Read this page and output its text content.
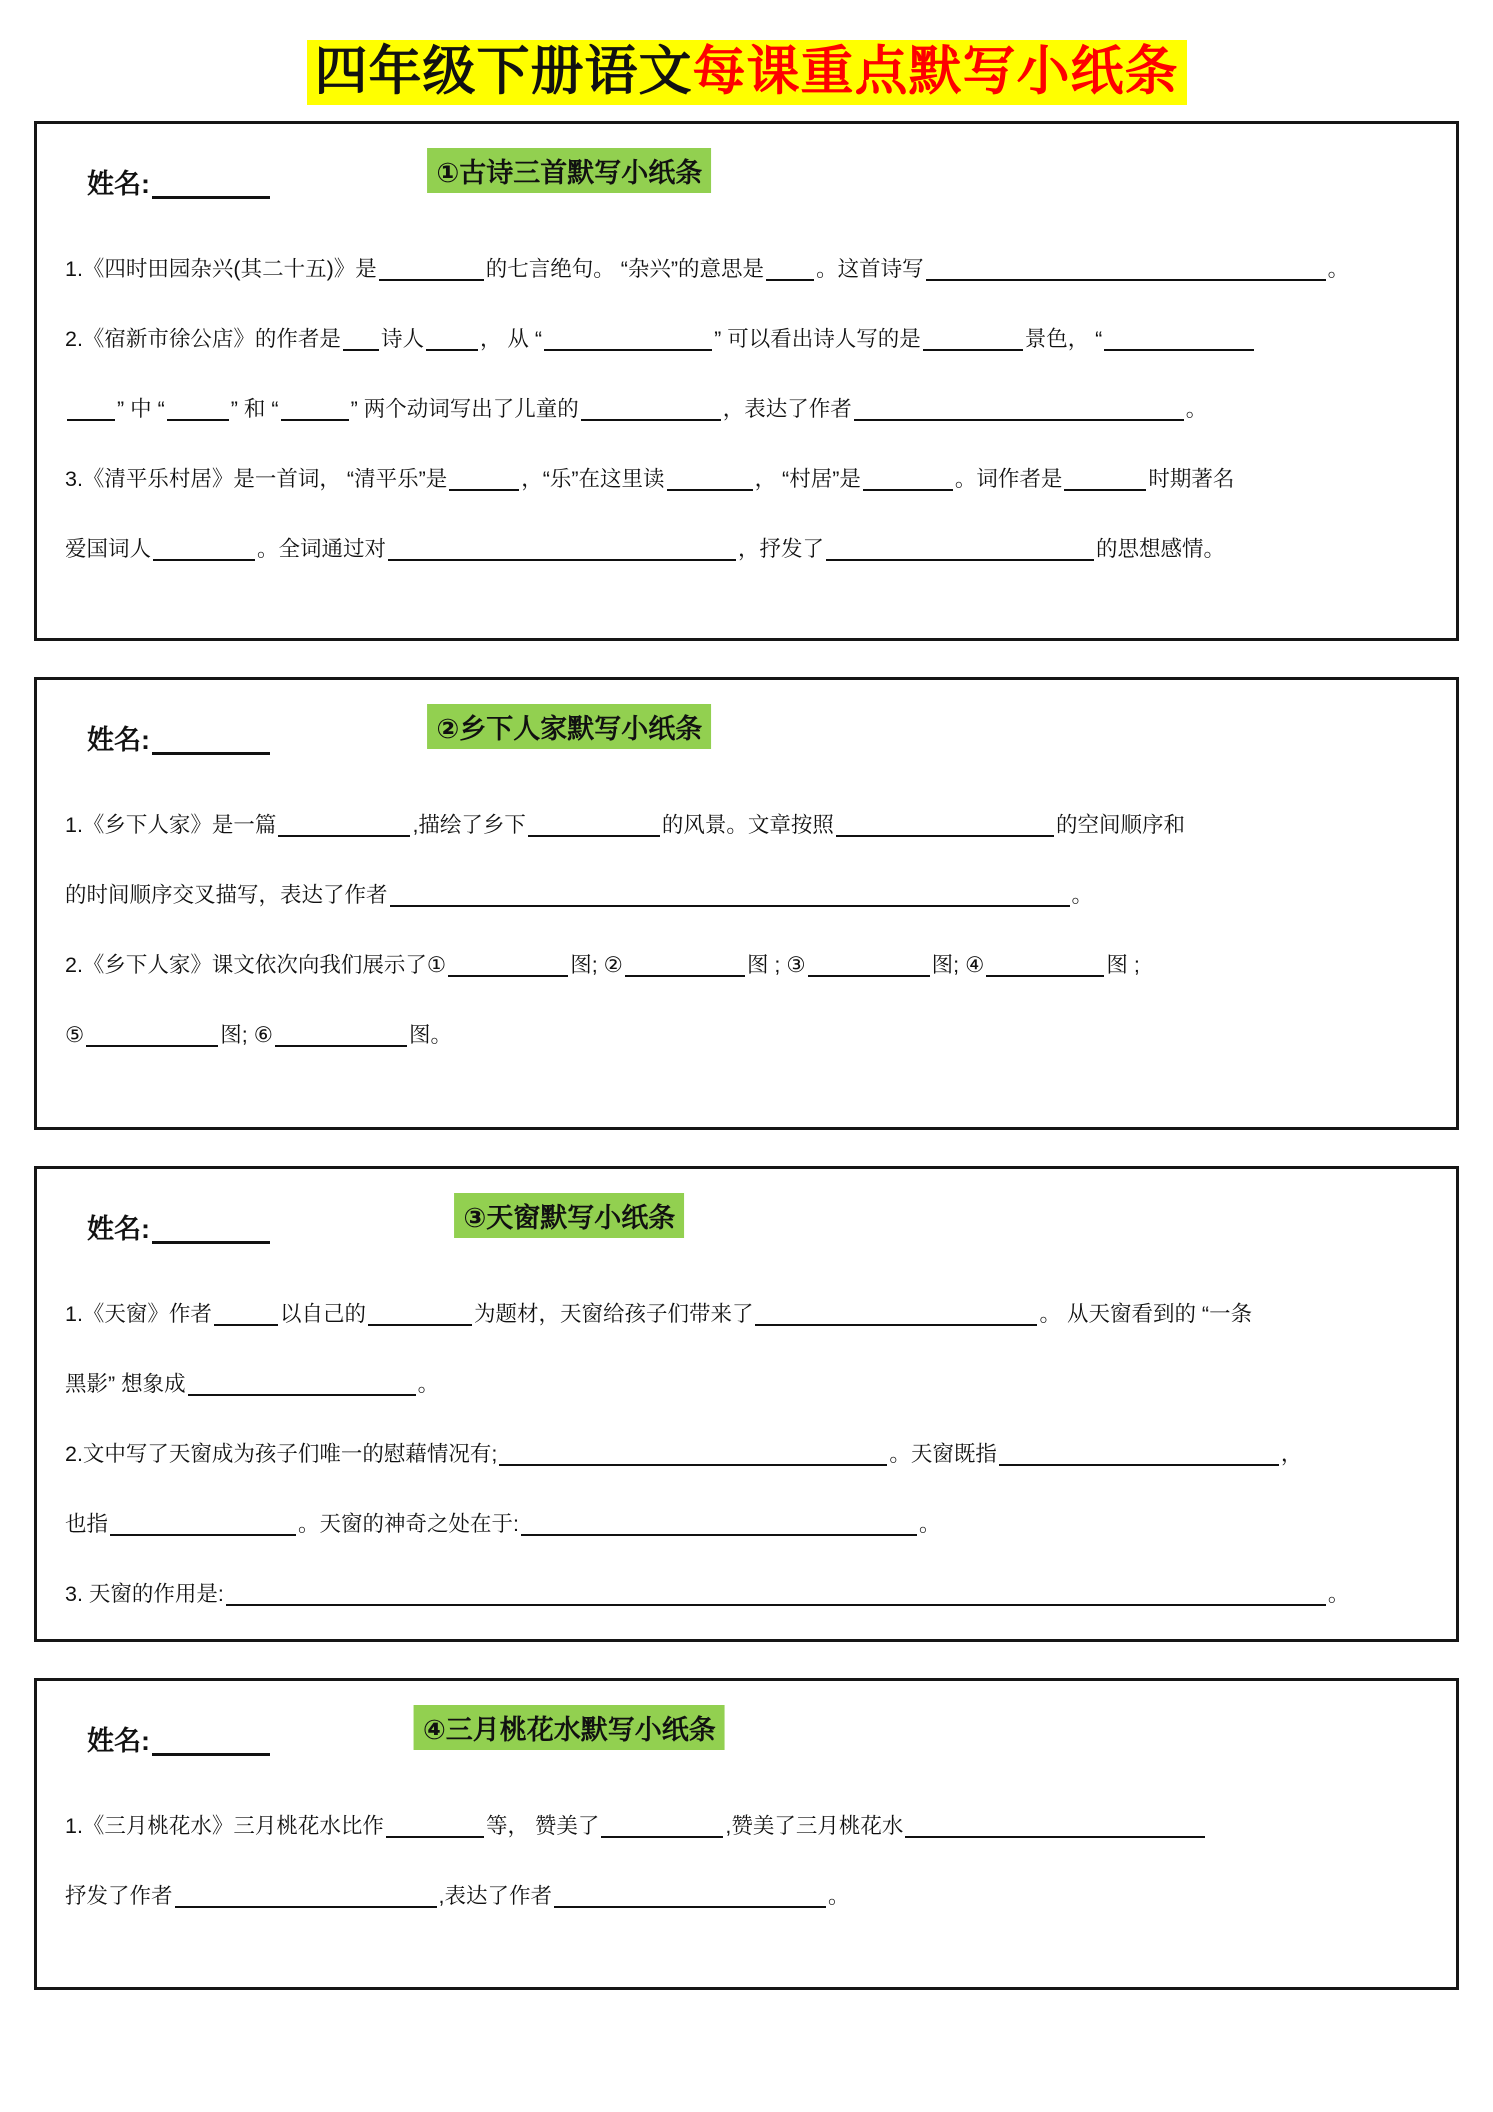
四年级下册语文每课重点默写小纸条
姓名:	①古诗三首默写小纸条
1.《四时田园杂兴(其二十五)》是	的七言绝句。 “杂兴”的意思是 。这首诗写	。
2.《宿新市徐公店》的作者是 诗人	， 从 “	” 可以看出诗人写的是	景色， “
” 中 “	” 和 “	” 两个动词写出了儿童的	，表达了作者	。
3.《清平乐村居》是一首词， “清平乐”是	，“乐”在这里读	， “村居”是	。词作者是	时期著名
爱国词人	。全词通过对	，抒发了	的思想感情。
姓名:	②乡下人家默写小纸条
1.《乡下人家》是一篇	,描绘了乡下	的风景。文章按照	的空间顺序和
的时间顺序交叉描写，表达了作者	。
2.《乡下人家》课文依次向我们展示了①	图; ②	图 ; ③	图; ④	图 ;
⑤	图; ⑥	图。
姓名:	③天窗默写小纸条
1.《天窗》作者	以自己的	为题材，天窗给孩子们带来了	。 从天窗看到的 “一条
黑影” 想象成	。
2.文中写了天窗成为孩子们唯一的慰藉情况有;	。天窗既指	，
也指	。天窗的神奇之处在于:	。
3. 天窗的作用是:	。
姓名:	④三月桃花水默写小纸条
1.《三月桃花水》三月桃花水比作	等， 赞美了	,赞美了三月桃花水
抒发了作者	,表达了作者	。
